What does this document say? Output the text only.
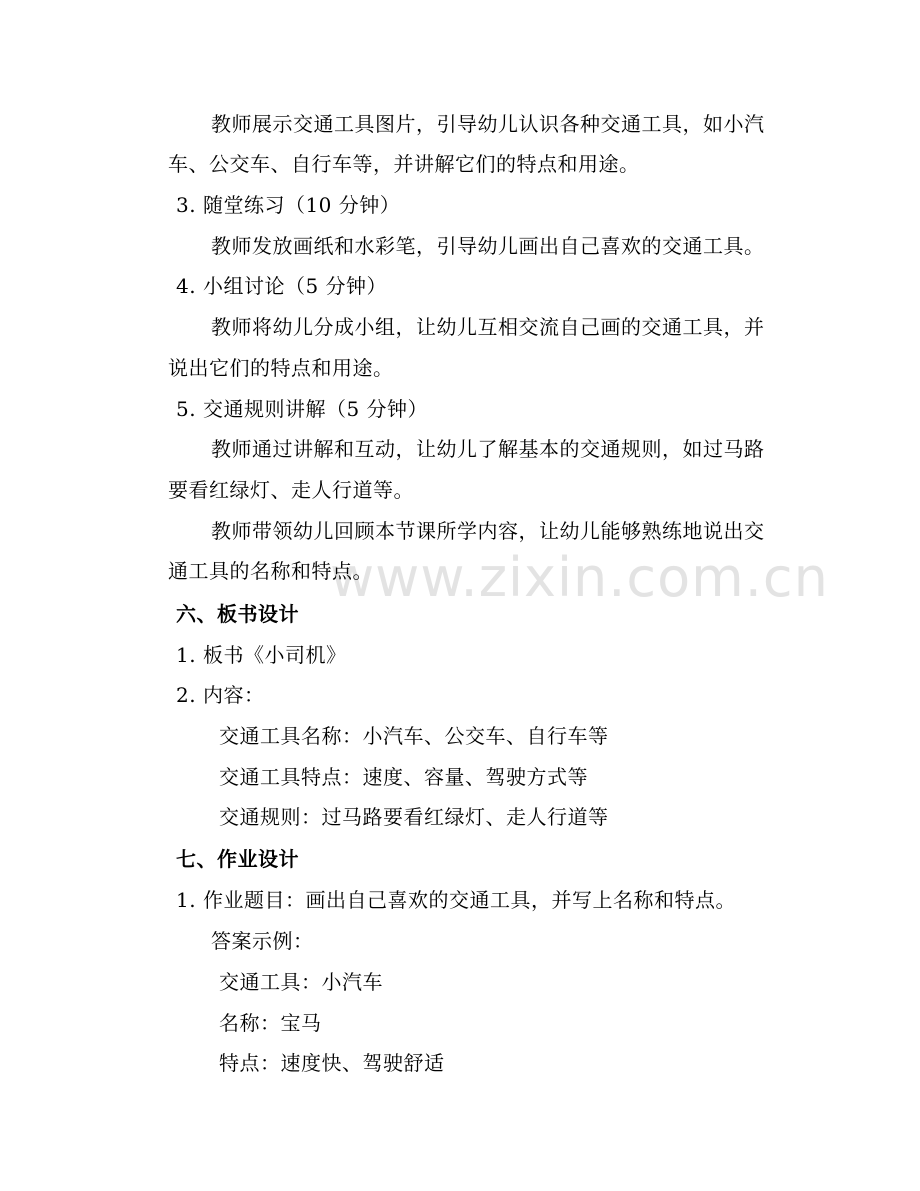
www.zixin.com.cn
教师展示交通工具图片，引导幼儿认识各种交通工具，如小汽
车、公交车、自行车等，并讲解它们的特点和用途。
3. 随堂练习（10 分钟）
教师发放画纸和水彩笔，引导幼儿画出自己喜欢的交通工具。
4. 小组讨论（5 分钟）
教师将幼儿分成小组，让幼儿互相交流自己画的交通工具，并
说出它们的特点和用途。
5. 交通规则讲解（5 分钟）
教师通过讲解和互动，让幼儿了解基本的交通规则，如过马路
要看红绿灯、走人行道等。
教师带领幼儿回顾本节课所学内容，让幼儿能够熟练地说出交
通工具的名称和特点。
六、板书设计
1. 板书《小司机》
2. 内容：
交通工具名称：小汽车、公交车、自行车等
交通工具特点：速度、容量、驾驶方式等
交通规则：过马路要看红绿灯、走人行道等
七、作业设计
1. 作业题目：画出自己喜欢的交通工具，并写上名称和特点。
答案示例：
交通工具：小汽车
名称：宝马
特点：速度快、驾驶舒适
